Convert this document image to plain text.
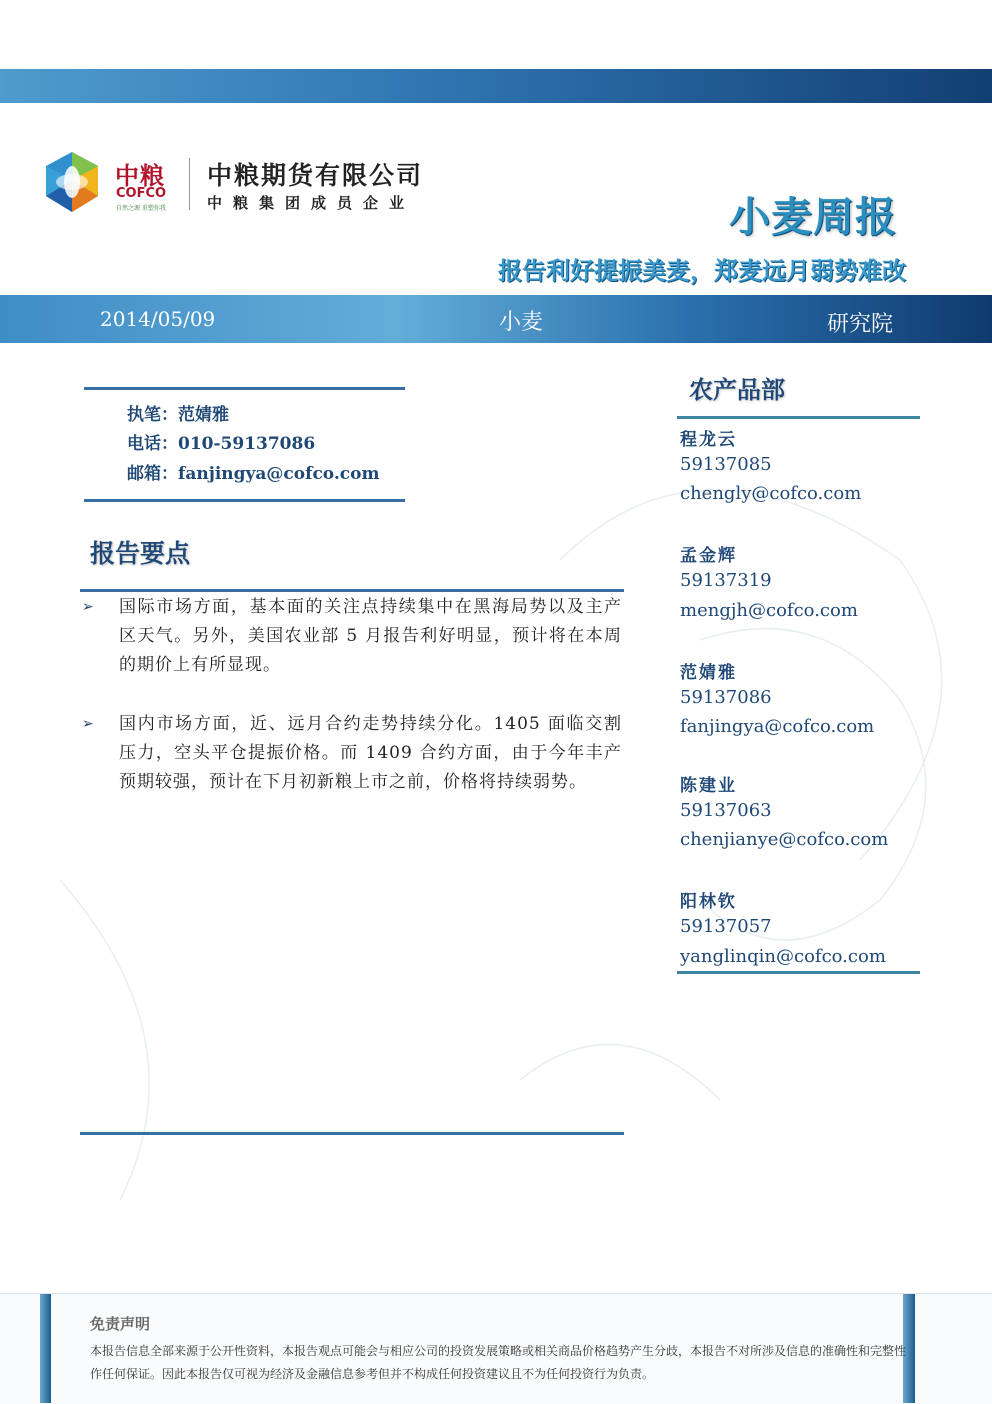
中粮
COFCO
自然之源 重塑你我
中粮期货有限公司
中粮集团成员企业	小麦周报
报告利好提振美麦，郑麦远月弱势难改
2014/05/09	小麦	研究院
执笔：范婧雅
电话：010-59137086
邮箱：fanjingya@cofco.com
报告要点
➢ 国际市场方面，基本面的关注点持续集中在黑海局势以及主产区天气。另外，美国农业部 5 月报告利好明显，预计将在本周的期价上有所显现。
➢ 国内市场方面，近、远月合约走势持续分化。1405 面临交割压力，空头平仓提振价格。而 1409 合约方面，由于今年丰产预期较强，预计在下月初新粮上市之前，价格将持续弱势。
农产品部
程龙云
59137085
chengly@cofco.com
孟金辉
59137319
mengjh@cofco.com
范婧雅
59137086
fanjingya@cofco.com
陈建业
59137063
chenjianye@cofco.com
阳林钦
59137057
yanglinqin@cofco.com
免责声明
本报告信息全部来源于公开性资料，本报告观点可能会与相应公司的投资发展策略或相关商品价格趋势产生分歧，本报告不对所涉及信息的准确性和完整性作任何保证。因此本报告仅可视为经济及金融信息参考但并不构成任何投资建议且不为任何投资行为负责。
